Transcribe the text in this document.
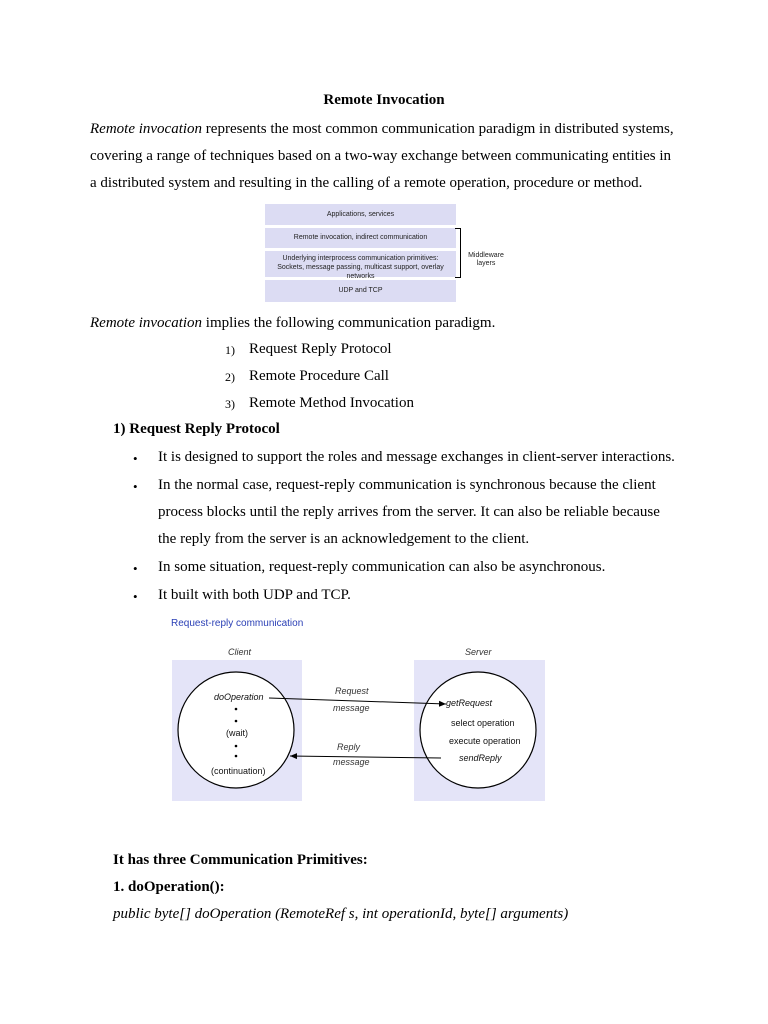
Remote Invocation
Remote invocation represents the most common communication paradigm in distributed systems,
covering a range of techniques based on a two-way exchange between communicating entities in
a distributed system and resulting in the calling of a remote operation, procedure or method.
Applications, services
Remote invocation, indirect communication
Underlying interprocess communication primitives:
Sockets, message passing, multicast support, overlay networks
UDP and TCP
Middleware
layers
Remote invocation implies the following communication paradigm.
1) Request Reply Protocol
2) Remote Procedure Call
3) Remote Method Invocation
1) Request Reply Protocol
• It is designed to support the roles and message exchanges in client-server interactions.
• In the normal case, request-reply communication is synchronous because the client
process blocks until the reply arrives from the server. It can also be reliable because
the reply from the server is an acknowledgement to the client.
• In some situation, request-reply communication can also be asynchronous.
• It built with both UDP and TCP.
Request-reply communication
Client	Server
doOperation
(wait)
(continuation)
Request
message
Reply
message
getRequest
select operation
execute operation
sendReply
It has three Communication Primitives:
1. doOperation():
public byte[] doOperation (RemoteRef s, int operationId, byte[] arguments)
